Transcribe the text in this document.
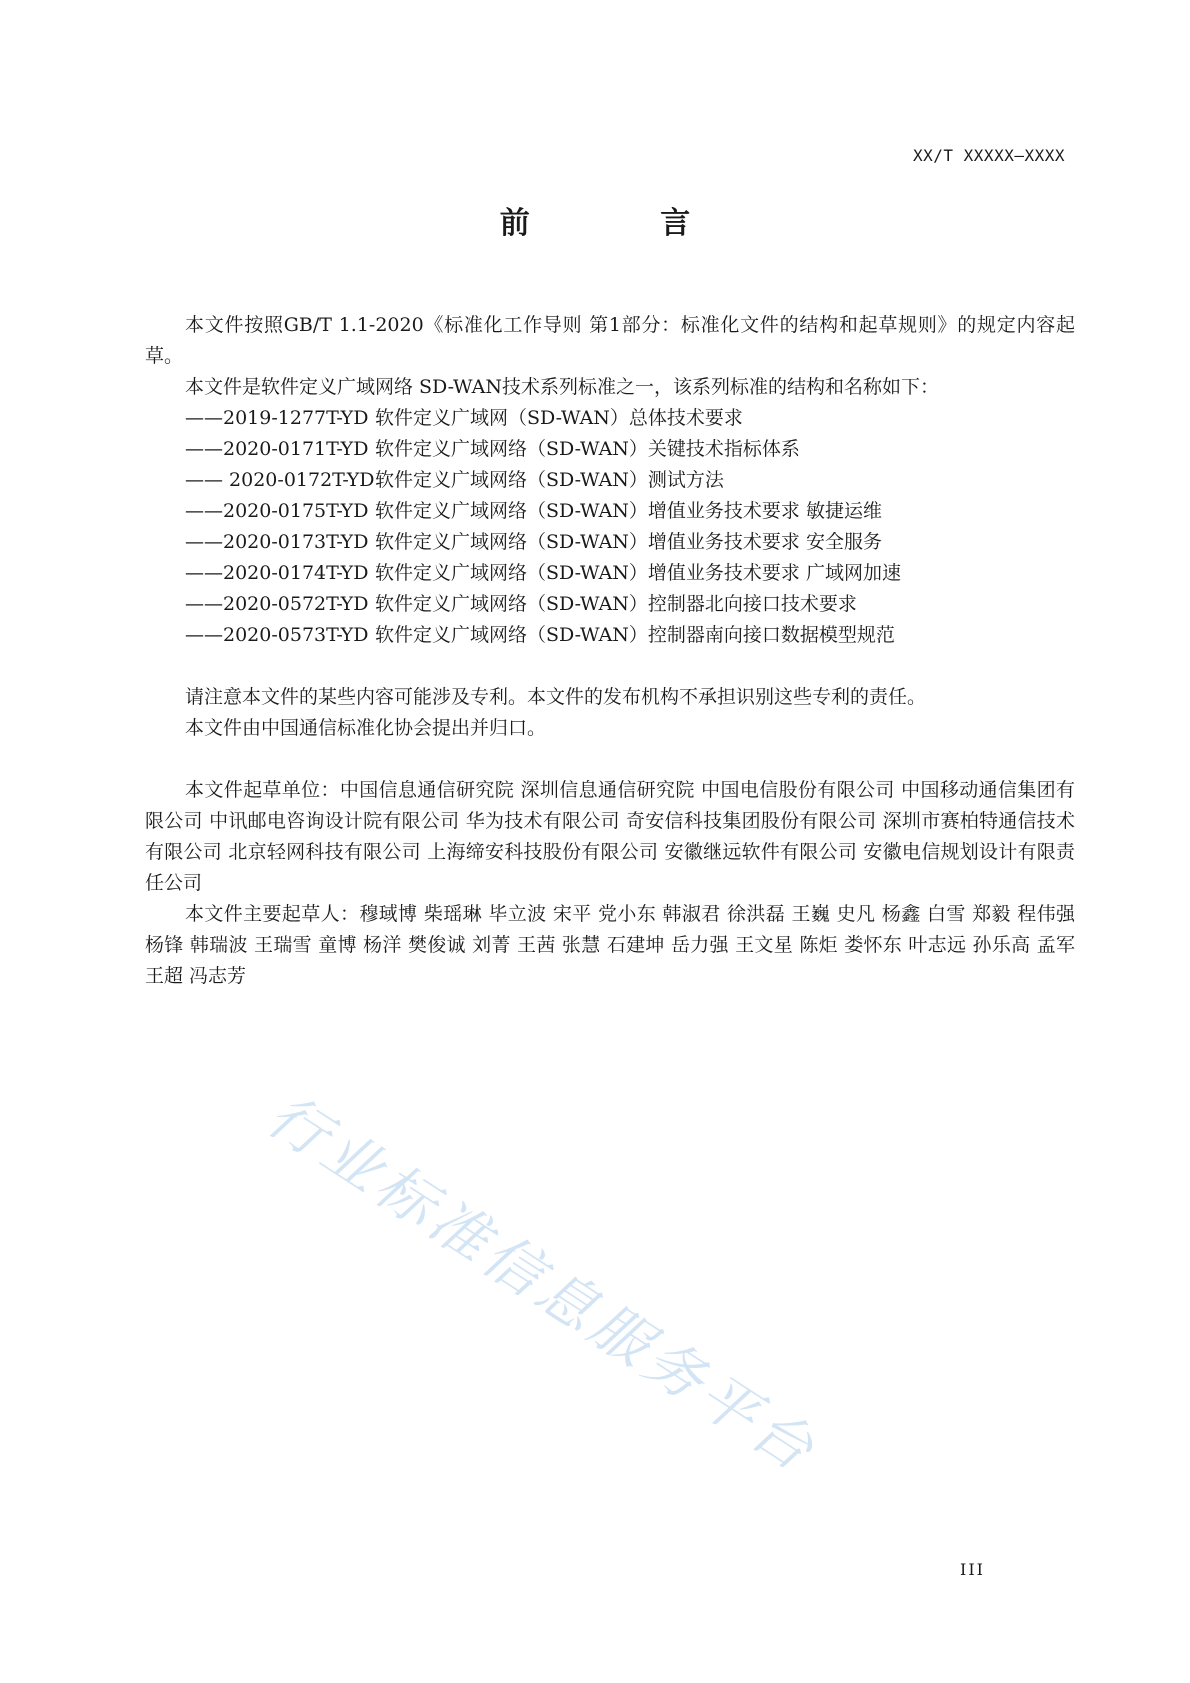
XX/T XXXXX—XXXX
前 言

本文件按照GB/T 1.1-2020《标准化工作导则 第1部分：标准化文件的结构和起草规则》的规定内容起草。

本文件是软件定义广域网络 SD-WAN技术系列标准之一，该系列标准的结构和名称如下：

——2019-1277T-YD 软件定义广域网（SD-WAN）总体技术要求
——2020-0171T-YD 软件定义广域网络（SD-WAN）关键技术指标体系
—— 2020-0172T-YD软件定义广域网络（SD-WAN）测试方法
——2020-0175T-YD 软件定义广域网络（SD-WAN）增值业务技术要求 敏捷运维
——2020-0173T-YD 软件定义广域网络（SD-WAN）增值业务技术要求 安全服务
——2020-0174T-YD 软件定义广域网络（SD-WAN）增值业务技术要求 广域网加速
——2020-0572T-YD 软件定义广域网络（SD-WAN）控制器北向接口技术要求
——2020-0573T-YD 软件定义广域网络（SD-WAN）控制器南向接口数据模型规范

请注意本文件的某些内容可能涉及专利。本文件的发布机构不承担识别这些专利的责任。

本文件由中国通信标准化协会提出并归口。

本文件起草单位：中国信息通信研究院 深圳信息通信研究院 中国电信股份有限公司 中国移动通信集团有限公司 中讯邮电咨询设计院有限公司 华为技术有限公司 奇安信科技集团股份有限公司 深圳市赛柏特通信技术有限公司 北京轻网科技有限公司 上海缔安科技股份有限公司 安徽继远软件有限公司 安徽电信规划设计有限责任公司

本文件主要起草人：穆琙博 柴瑶琳 毕立波 宋平 党小东 韩淑君 徐洪磊 王巍 史凡 杨鑫 白雪 郑毅 程伟强 杨锋 韩瑞波 王瑞雪 童博 杨洋 樊俊诚 刘菁 王茜 张慧 石建坤 岳力强 王文星 陈炬 娄怀东 叶志远 孙乐高 孟军 王超 冯志芳

行业标准信息服务平台
III
